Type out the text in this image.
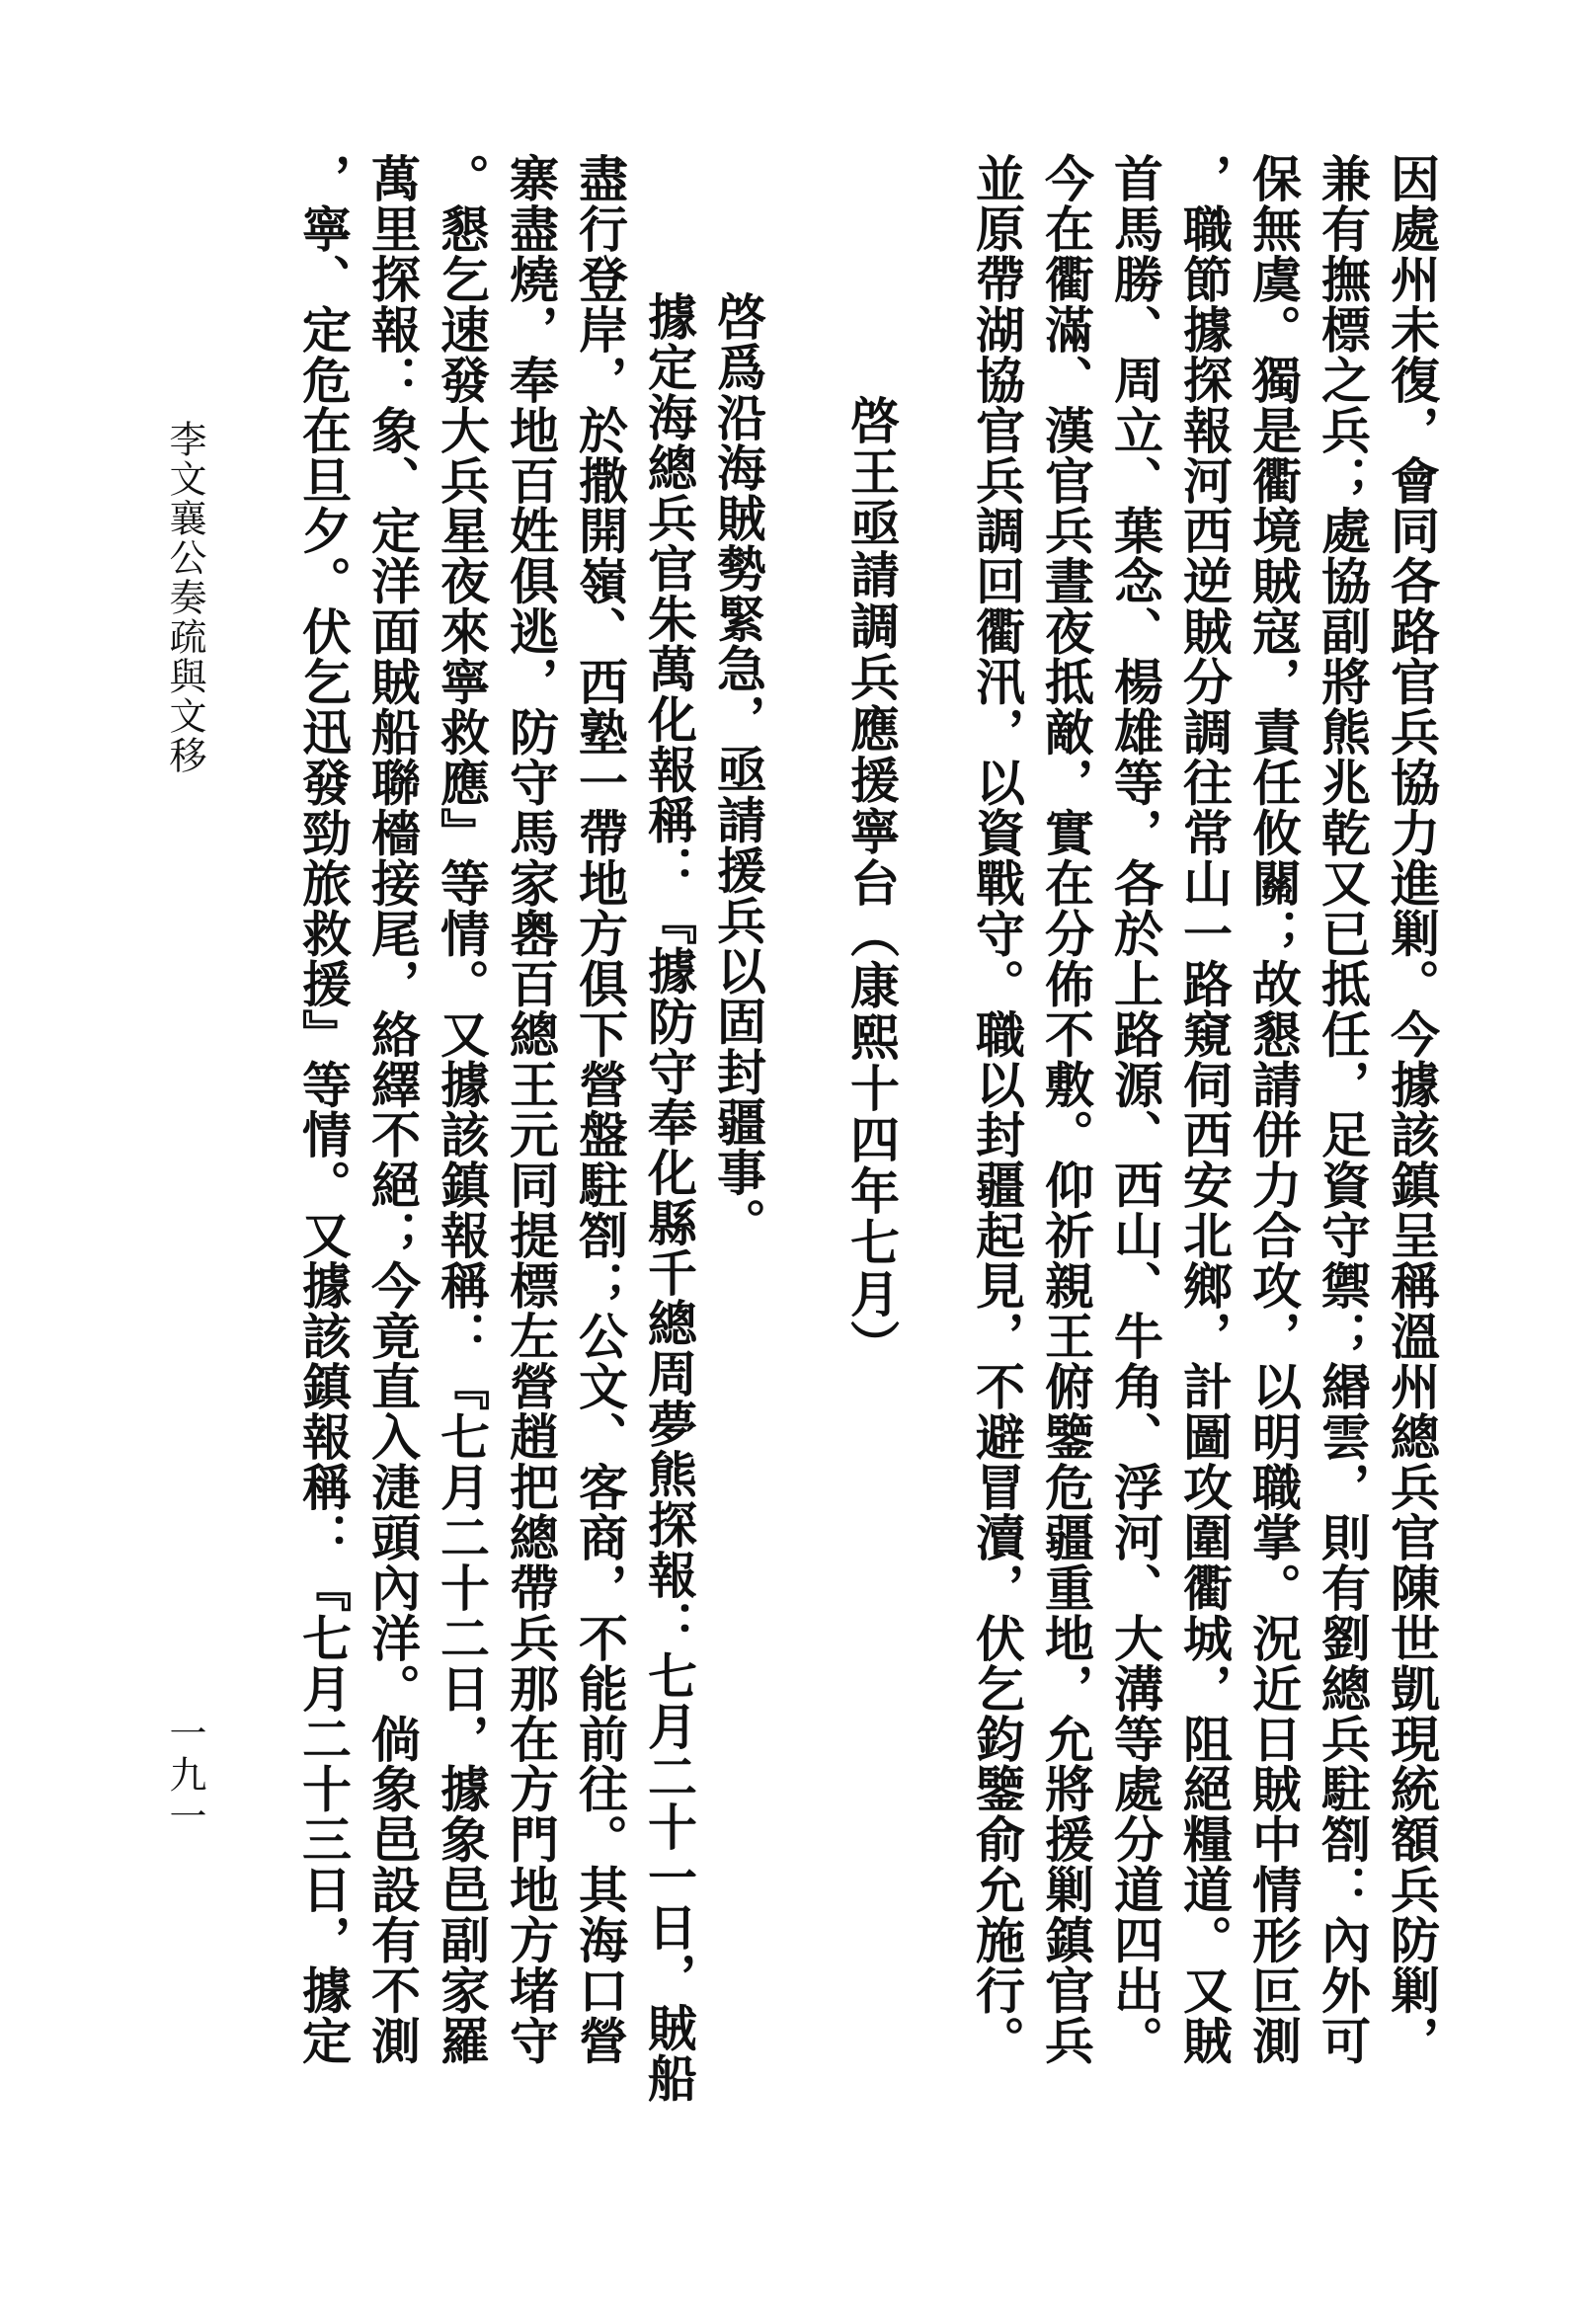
因處州未復，會同各路官兵協力進剿。今據該鎮呈稱溫州總兵官陳世凱現統額兵防剿，
兼有撫標之兵；處協副將熊兆乾又已抵任，足資守禦；緡雲，則有劉總兵駐劄：內外可
保無虞。獨是衢境賊寇，責任攸關；故懇請併力合攻，以明職掌。況近日賊中情形叵測
，職節據探報河西逆賊分調往常山一路窺伺西安北鄉，計圖攻圍衢城，阻絕糧道。又賊
首馬勝、周立、葉念、楊雄等，各於上路源、西山、牛角、浮河、大溝等處分道四出。
今在衢滿、漢官兵晝夜抵敵，實在分佈不敷。仰祈親王俯鑒危疆重地，允將援剿鎮官兵
並原帶湖協官兵調回衢汛，以資戰守。職以封疆起見，不避冒瀆，伏乞鈞鑒俞允施行。
啓王亟請調兵應援寧台（康熙十四年七月）
啓爲沿海賊勢緊急，亟請援兵以固封疆事。
據定海總兵官朱萬化報稱：『據防守奉化縣千總周夢熊探報：七月二十一日，賊船
盡行登岸，於撒開嶺、西塾一帶地方俱下營盤駐劄；公文、客商，不能前往。其海口營
寨盡燒，奉地百姓俱逃，防守馬家嶴百總王元同提標左營趙把總帶兵那在方門地方堵守
。懇乞速發大兵星夜來寧救應』等情。又據該鎮報稱：『七月二十二日，據象邑副家羅
萬里探報：象、定洋面賊船聯檣接尾，絡繹不絕；今竟直入𣶏頭內洋。倘象邑設有不測
，寧、定危在旦夕。伏乞迅發勁旅救援』等情。又據該鎮報稱：『七月二十三日，據定
李文襄公奏疏與文移
一九一
